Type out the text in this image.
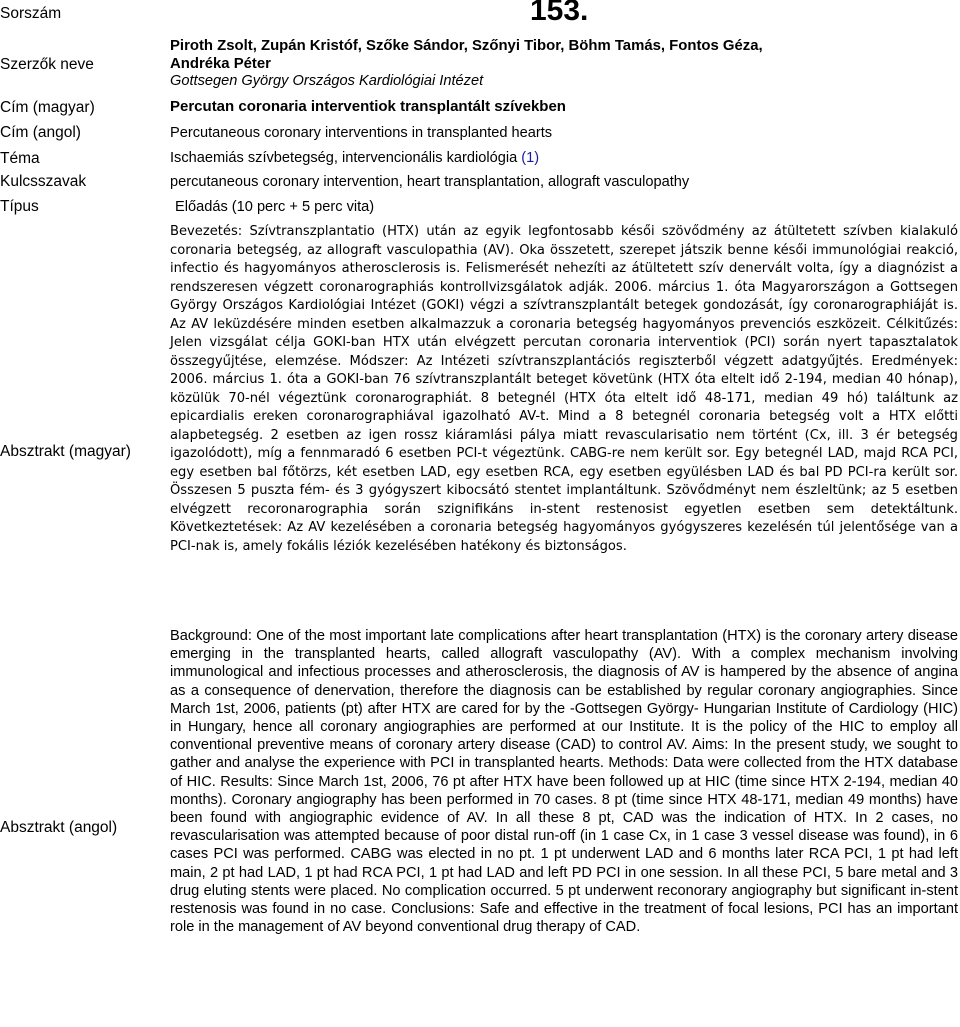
Sorszám
Szerzők neve
Cím (magyar)
Cím (angol)
Téma
Kulcsszavak
Típus
Absztrakt (magyar)
Absztrakt (angol)
153.
Piroth Zsolt, Zupán Kristóf, Szőke Sándor, Szőnyi Tibor, Böhm Tamás, Fontos Géza,
Andréka Péter
Gottsegen György Országos Kardiológiai Intézet
Percutan coronaria interventiok transplantált szívekben
Percutaneous coronary interventions in transplanted hearts
Ischaemiás szívbetegség, intervencionális kardiológia (1)
percutaneous coronary intervention, heart transplantation, allograft vasculopathy
Előadás (10 perc + 5 perc vita)
Bevezetés: Szívtranszplantatio (HTX) után az egyik legfontosabb késői szövődmény az átültetett szívben kialakuló coronaria betegség, az allograft vasculopathia (AV). Oka összetett, szerepet játszik benne késői immunológiai reakció, infectio és hagyományos atherosclerosis is. Felismerését nehezíti az átültetett szív denervált volta, így a diagnózist a rendszeresen végzett coronarographiás kontrollvizsgálatok adják. 2006. március 1. óta Magyarországon a Gottsegen György Országos Kardiológiai Intézet (GOKI) végzi a szívtranszplantált betegek gondozását, így coronarographiáját is. Az AV leküzdésére minden esetben alkalmazzuk a coronaria betegség hagyományos prevenciós eszközeit. Célkitűzés: Jelen vizsgálat célja GOKI-ban HTX után elvégzett percutan coronaria interventiok (PCI) során nyert tapasztalatok összegyűjtése, elemzése. Módszer: Az Intézeti szívtranszplantációs regiszterből végzett adatgyűjtés. Eredmények: 2006. március 1. óta a GOKI-ban 76 szívtranszplantált beteget követünk (HTX óta eltelt idő 2-194, median 40 hónap), közülük 70-nél végeztünk coronarographiát. 8 betegnél (HTX óta eltelt idő 48-171, median 49 hó) találtunk az epicardialis ereken coronarographiával igazolható AV-t. Mind a 8 betegnél coronaria betegség volt a HTX előtti alapbetegség. 2 esetben az igen rossz kiáramlási pálya miatt revascularisatio nem történt (Cx, ill. 3 ér betegség igazolódott), míg a fennmaradó 6 esetben PCI-t végeztünk. CABG-re nem került sor. Egy betegnél LAD, majd RCA PCI, egy esetben bal főtörzs, két esetben LAD, egy esetben RCA, egy esetben együlésben LAD és bal PD PCI-ra került sor. Összesen 5 puszta fém- és 3 gyógyszert kibocsátó stentet implantáltunk. Szövődményt nem észleltünk; az 5 esetben elvégzett recoronarographia során szignifikáns in-stent restenosist egyetlen esetben sem detektáltunk. Következtetések: Az AV kezelésében a coronaria betegség hagyományos gyógyszeres kezelésén túl jelentősége van a PCI-nak is, amely fokális léziók kezelésében hatékony és biztonságos.
Background: One of the most important late complications after heart transplantation (HTX) is the coronary artery disease emerging in the transplanted hearts, called allograft vasculopathy (AV). With a complex mechanism involving immunological and infectious processes and atherosclerosis, the diagnosis of AV is hampered by the absence of angina as a consequence of denervation, therefore the diagnosis can be established by regular coronary angiographies. Since March 1st, 2006, patients (pt) after HTX are cared for by the -Gottsegen György- Hungarian Institute of Cardiology (HIC) in Hungary, hence all coronary angiographies are performed at our Institute. It is the policy of the HIC to employ all conventional preventive means of coronary artery disease (CAD) to control AV. Aims: In the present study, we sought to gather and analyse the experience with PCI in transplanted hearts. Methods: Data were collected from the HTX database of HIC. Results: Since March 1st, 2006, 76 pt after HTX have been followed up at HIC (time since HTX 2-194, median 40 months). Coronary angiography has been performed in 70 cases. 8 pt (time since HTX 48-171, median 49 months) have been found with angiographic evidence of AV. In all these 8 pt, CAD was the indication of HTX. In 2 cases, no revascularisation was attempted because of poor distal run-off (in 1 case Cx, in 1 case 3 vessel disease was found), in 6 cases PCI was performed. CABG was elected in no pt. 1 pt underwent LAD and 6 months later RCA PCI, 1 pt had left main, 2 pt had LAD, 1 pt had RCA PCI, 1 pt had LAD and left PD PCI in one session. In all these PCI, 5 bare metal and 3 drug eluting stents were placed. No complication occurred. 5 pt underwent reconorary angiography but significant in-stent restenosis was found in no case. Conclusions: Safe and effective in the treatment of focal lesions, PCI has an important role in the management of AV beyond conventional drug therapy of CAD.
